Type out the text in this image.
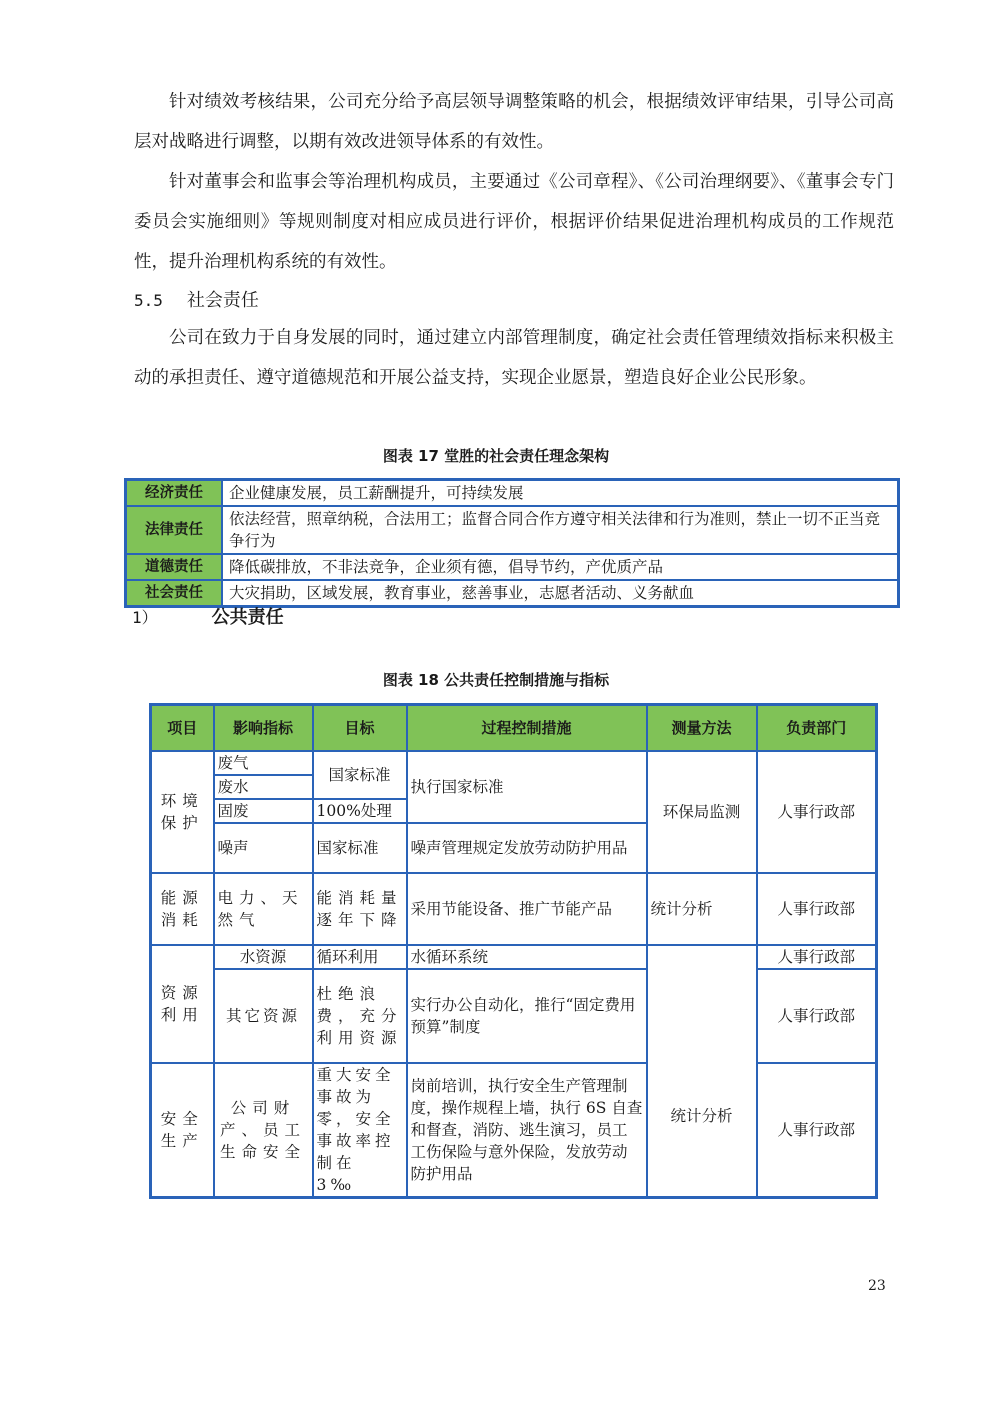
针对绩效考核结果，公司充分给予高层领导调整策略的机会，根据绩效评审结果，引导公司高层对战略进行调整，以期有效改进领导体系的有效性。

针对董事会和监事会等治理机构成员，主要通过《公司章程》、《公司治理纲要》、《董事会专门委员会实施细则》等规则制度对相应成员进行评价，根据评价结果促进治理机构成员的工作规范性，提升治理机构系统的有效性。

5.5 社会责任

公司在致力于自身发展的同时，通过建立内部管理制度，确定社会责任管理绩效指标来积极主动的承担责任、遵守道德规范和开展公益支持，实现企业愿景，塑造良好企业公民形象。

图表 17 堂胜的社会责任理念架构
经济责任	企业健康发展，员工薪酬提升，可持续发展
法律责任	依法经营，照章纳税，合法用工；监督合同合作方遵守相关法律和行为准则，禁止一切不正当竞争行为
道德责任	降低碳排放，不非法竞争，企业须有德，倡导节约，产优质产品
社会责任	大灾捐助，区域发展，教育事业，慈善事业，志愿者活动、义务献血
1）	公共责任
图表 18 公共责任控制措施与指标
项目	影响指标	目标	过程控制措施	测量方法	负责部门
环境保护	废气	国家标准	执行国家标准	环保局监测	人事行政部
	废水				
	固废	100%处理			
	噪声	国家标准	噪声管理规定发放劳动防护用品		
能源消耗	电力、天然气	能消耗量逐年下降	采用节能设备、推广节能产品	统计分析	人事行政部
资源利用	水资源	循环利用	水循环系统	统计分析	人事行政部
	其它资源	杜绝浪费，充分利用资源	实行办公自动化，推行“固定费用预算”制度		人事行政部
安全生产	公司财产、员工生命安全	重大安全事故为零，安全事故率控制在 3‰	岗前培训，执行安全生产管理制度，操作规程上墙，执行 6S 自查和督查，消防、逃生演习，员工工伤保险与意外保险，发放劳动防护用品		人事行政部
23
